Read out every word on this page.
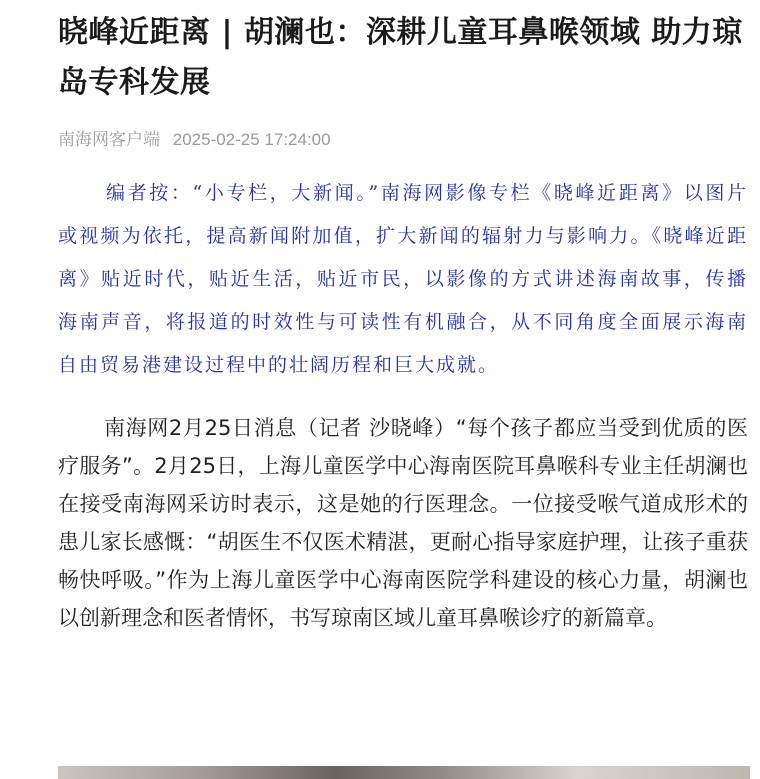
晓峰近距离 | 胡澜也：深耕儿童耳鼻喉领域 助力琼岛专科发展
南海网客户端 2025-02-25 17:24:00

编者按：“小专栏，大新闻。”南海网影像专栏《晓峰近距离》以图片或视频为依托，提高新闻附加值，扩大新闻的辐射力与影响力。《晓峰近距离》贴近时代，贴近生活，贴近市民，以影像的方式讲述海南故事，传播海南声音，将报道的时效性与可读性有机融合，从不同角度全面展示海南自由贸易港建设过程中的壮阔历程和巨大成就。

南海网2月25日消息（记者 沙晓峰）“每个孩子都应当受到优质的医疗服务”。2月25日，上海儿童医学中心海南医院耳鼻喉科专业主任胡澜也在接受南海网采访时表示，这是她的行医理念。一位接受喉气道成形术的患儿家长感慨：“胡医生不仅医术精湛，更耐心指导家庭护理，让孩子重获畅快呼吸。”作为上海儿童医学中心海南医院学科建设的核心力量，胡澜也以创新理念和医者情怀，书写琼南区域儿童耳鼻喉诊疗的新篇章。
